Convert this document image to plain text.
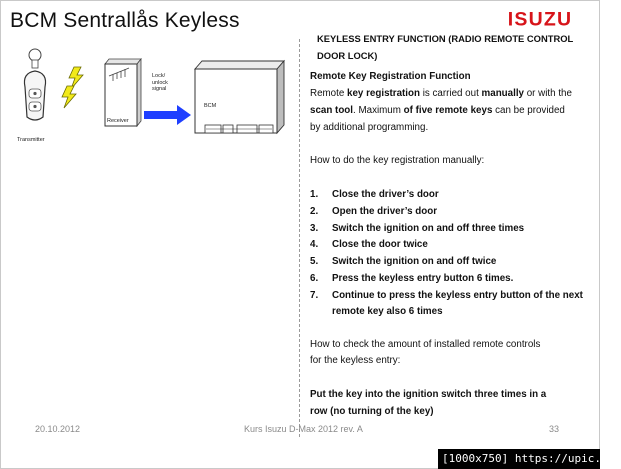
BCM Sentrallås Keyless	ISUZU
Transmitter
Receiver
Lock/
unlock
signal
BCM
KEYLESS ENTRY FUNCTION (RADIO REMOTE CONTROL
DOOR LOCK)
Remote Key Registration Function
Remote key registration is carried out manually or with the
scan tool. Maximum of five remote keys can be provided
by additional programming.
How to do the key registration manually:
1. Close the driver’s door
2. Open the driver’s door
3. Switch the ignition on and off three times
4. Close the door twice
5. Switch the ignition on and off twice
6. Press the keyless entry button 6 times.
7. Continue to press the keyless entry button of the next
remote key also 6 times
How to check the amount of installed remote controls
for the keyless entry:
Put the key into the ignition switch three times in a
row (no turning of the key)
20.10.2012	Kurs Isuzu D-Max 2012 rev. A	33
[1000x750] https://upic.me/
